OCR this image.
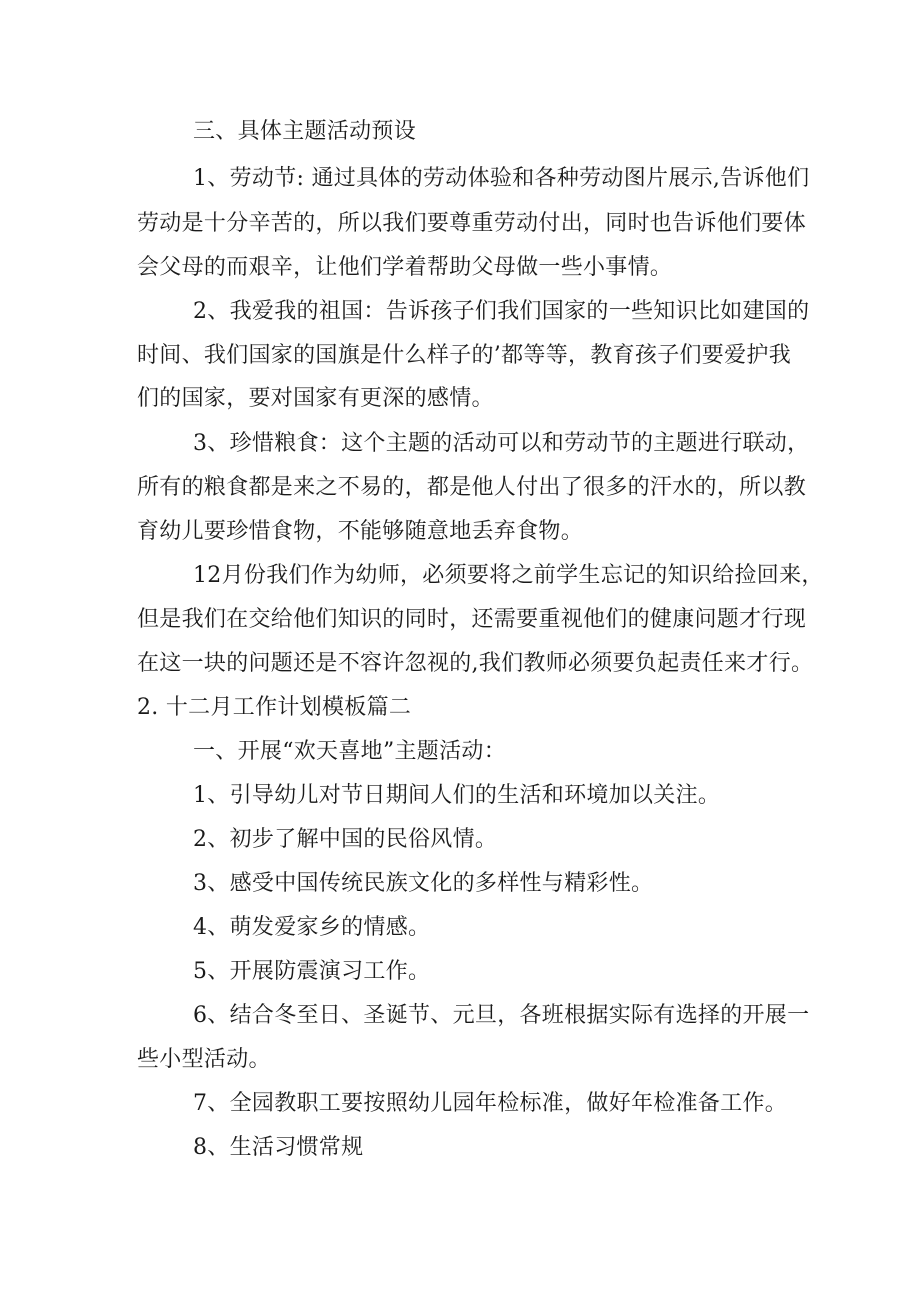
三、具体主题活动预设
1、劳动节: 通过具体的劳动体验和各种劳动图片展示,告诉他们
劳动是十分辛苦的，所以我们要尊重劳动付出，同时也告诉他们要体
会父母的而艰辛，让他们学着帮助父母做一些小事情。
2、我爱我的祖国：告诉孩子们我们国家的一些知识比如建国的
时间、我们国家的国旗是什么样子的’都等等，教育孩子们要爱护我
们的国家，要对国家有更深的感情。
3、珍惜粮食：这个主题的活动可以和劳动节的主题进行联动，
所有的粮食都是来之不易的，都是他人付出了很多的汗水的，所以教
育幼儿要珍惜食物，不能够随意地丢弃食物。
12月份我们作为幼师，必须要将之前学生忘记的知识给捡回来，
但是我们在交给他们知识的同时，还需要重视他们的健康问题才行现
在这一块的问题还是不容许忽视的,我们教师必须要负起责任来才行。
2. 十二月工作计划模板篇二
一、开展“欢天喜地”主题活动：
1、引导幼儿对节日期间人们的生活和环境加以关注。
2、初步了解中国的民俗风情。
3、感受中国传统民族文化的多样性与精彩性。
4、萌发爱家乡的情感。
5、开展防震演习工作。
6、结合冬至日、圣诞节、元旦，各班根据实际有选择的开展一
些小型活动。
7、全园教职工要按照幼儿园年检标准，做好年检准备工作。
8、生活习惯常规
